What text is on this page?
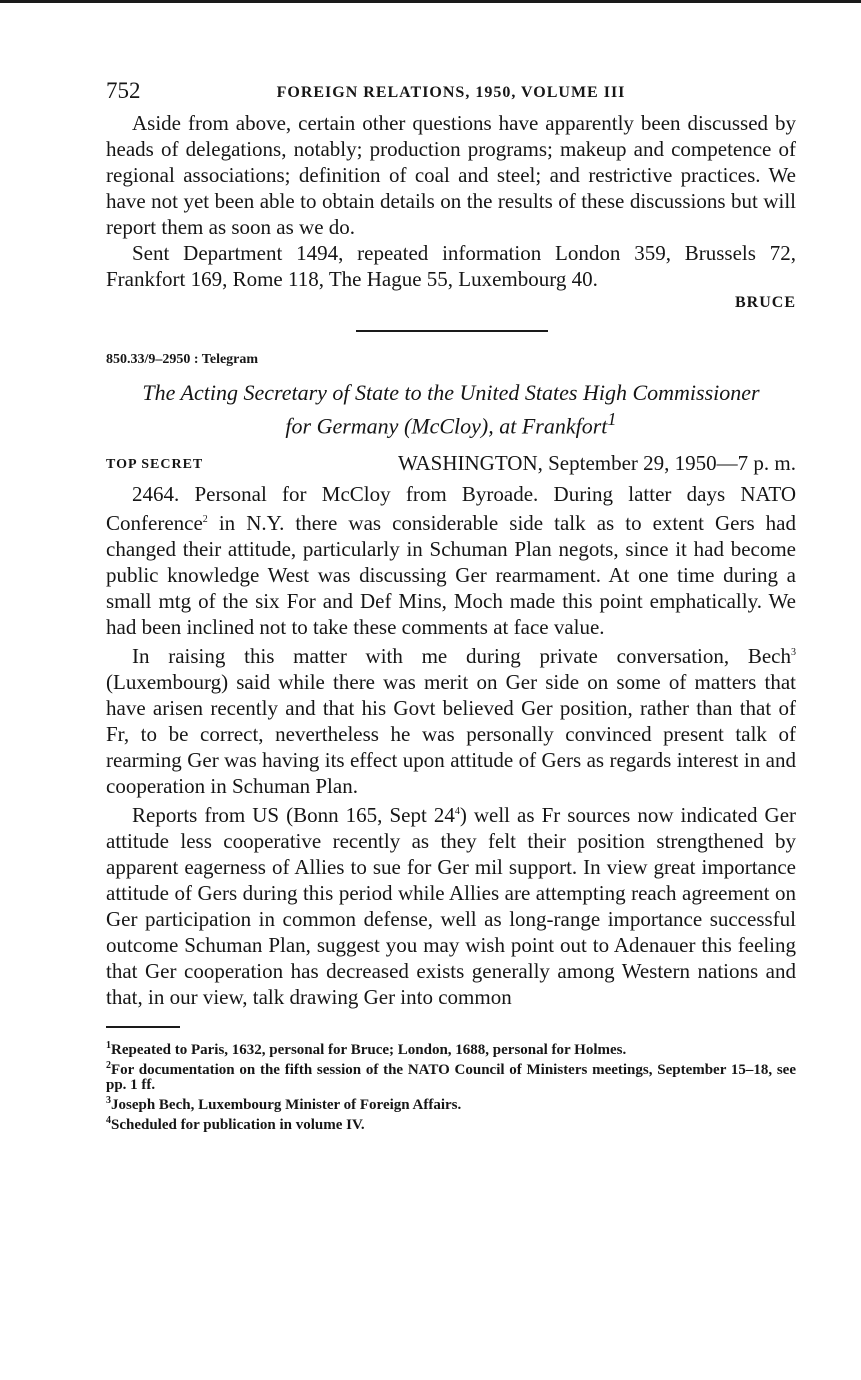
752	FOREIGN RELATIONS, 1950, VOLUME III

Aside from above, certain other questions have apparently been discussed by heads of delegations, notably; production programs; makeup and competence of regional associations; definition of coal and steel; and restrictive practices. We have not yet been able to obtain details on the results of these discussions but will report them as soon as we do.

Sent Department 1494, repeated information London 359, Brussels 72, Frankfort 169, Rome 118, The Hague 55, Luxembourg 40.

BRUCE
850.33/9–2950 : Telegram
The Acting Secretary of State to the United States High Commissioner for Germany (McCloy), at Frankfort$^1$
TOP SECRET	WASHINGTON, September 29, 1950—7 p. m.

2464. Personal for McCloy from Byroade. During latter days NATO Conference$^2$ in N.Y. there was considerable side talk as to extent Gers had changed their attitude, particularly in Schuman Plan negots, since it had become public knowledge West was discussing Ger rearmament. At one time during a small mtg of the six For and Def Mins, Moch made this point emphatically. We had been inclined not to take these comments at face value.

In raising this matter with me during private conversation, Bech$^3$ (Luxembourg) said while there was merit on Ger side on some of matters that have arisen recently and that his Govt believed Ger position, rather than that of Fr, to be correct, nevertheless he was personally convinced present talk of rearming Ger was having its effect upon attitude of Gers as regards interest in and cooperation in Schuman Plan.

Reports from US (Bonn 165, Sept $24^4$) well as Fr sources now indicated Ger attitude less cooperative recently as they felt their position strengthened by apparent eagerness of Allies to sue for Ger mil support. In view great importance attitude of Gers during this period while Allies are attempting reach agreement on Ger participation in common defense, well as long-range importance successful outcome Schuman Plan, suggest you may wish point out to Adenauer this feeling that Ger cooperation has decreased exists generally among Western nations and that, in our view, talk drawing Ger into common

$^1$Repeated to Paris, 1632, personal for Bruce; London, 1688, personal for Holmes.

$^2$For documentation on the fifth session of the NATO Council of Ministers meetings, September 15–18, see pp. 1 ff.

$^3$Joseph Bech, Luxembourg Minister of Foreign Affairs.

$^4$Scheduled for publication in volume IV.
